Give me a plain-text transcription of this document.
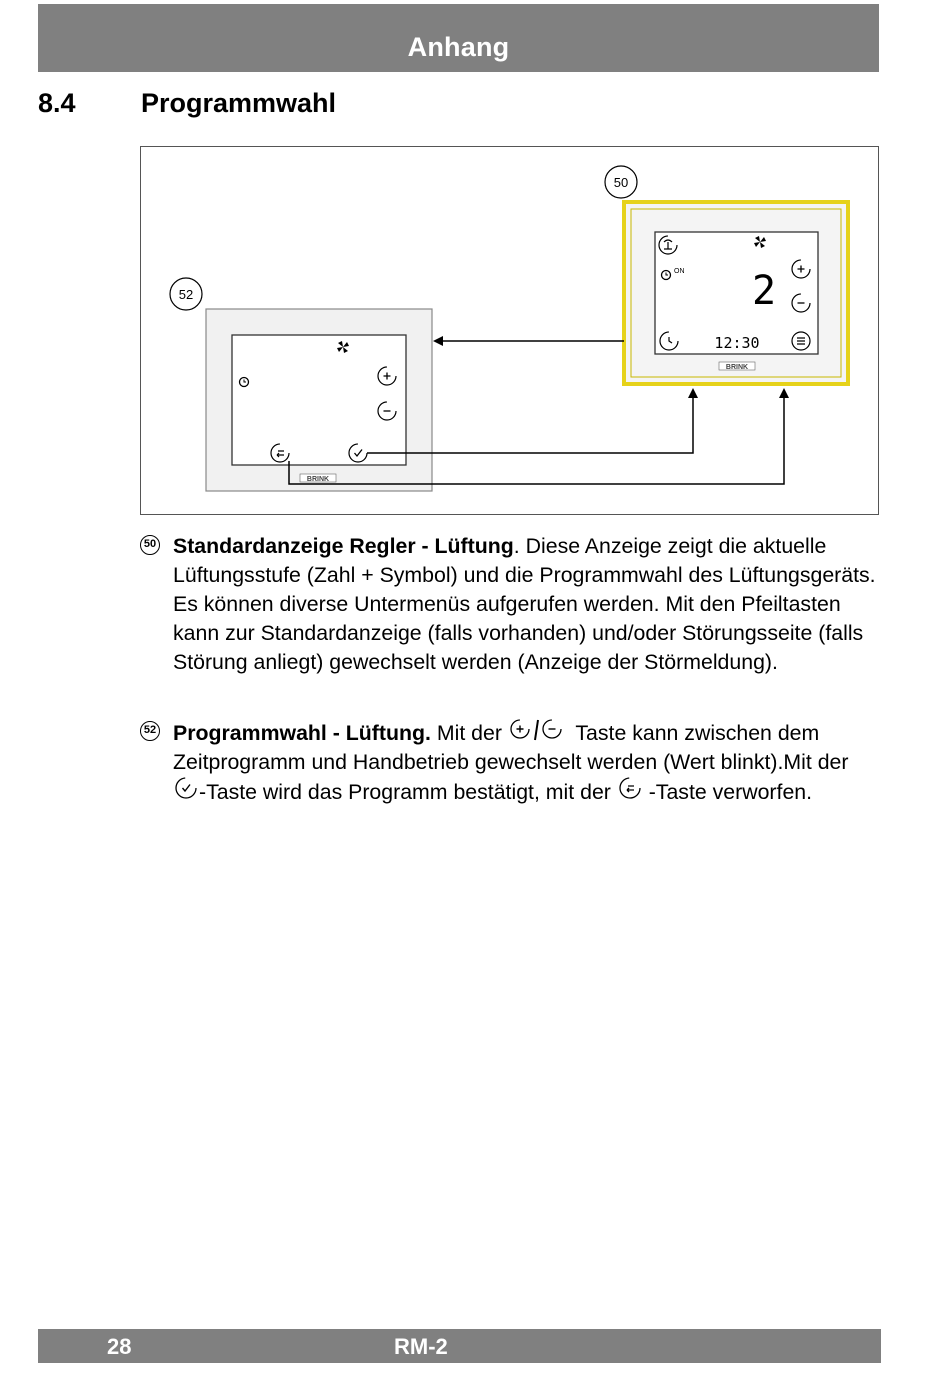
Anhang
8.4 Programmwahl
BRINK
52
ON 2
12:30
BRINK
50
50 Standardanzeige Regler - Lüftung. Diese Anzeige zeigt die aktuelle Lüftungsstufe (Zahl + Symbol) und die Programmwahl des Lüftungsgeräts. Es können diverse Untermenüs aufgerufen werden. Mit den Pfeiltasten kann zur Standardanzeige (falls vorhanden) und/oder Störungsseite (falls Störung anliegt) gewechselt werden (Anzeige der Störmeldung).
52 Programmwahl - Lüftung. Mit der	Taste kann zwischen dem Zeitprogramm und Handbetrieb gewechselt werden (Wert blinkt).Mit der -Taste wird das Programm bestätigt, mit der  -Taste verworfen.
28	RM-2
